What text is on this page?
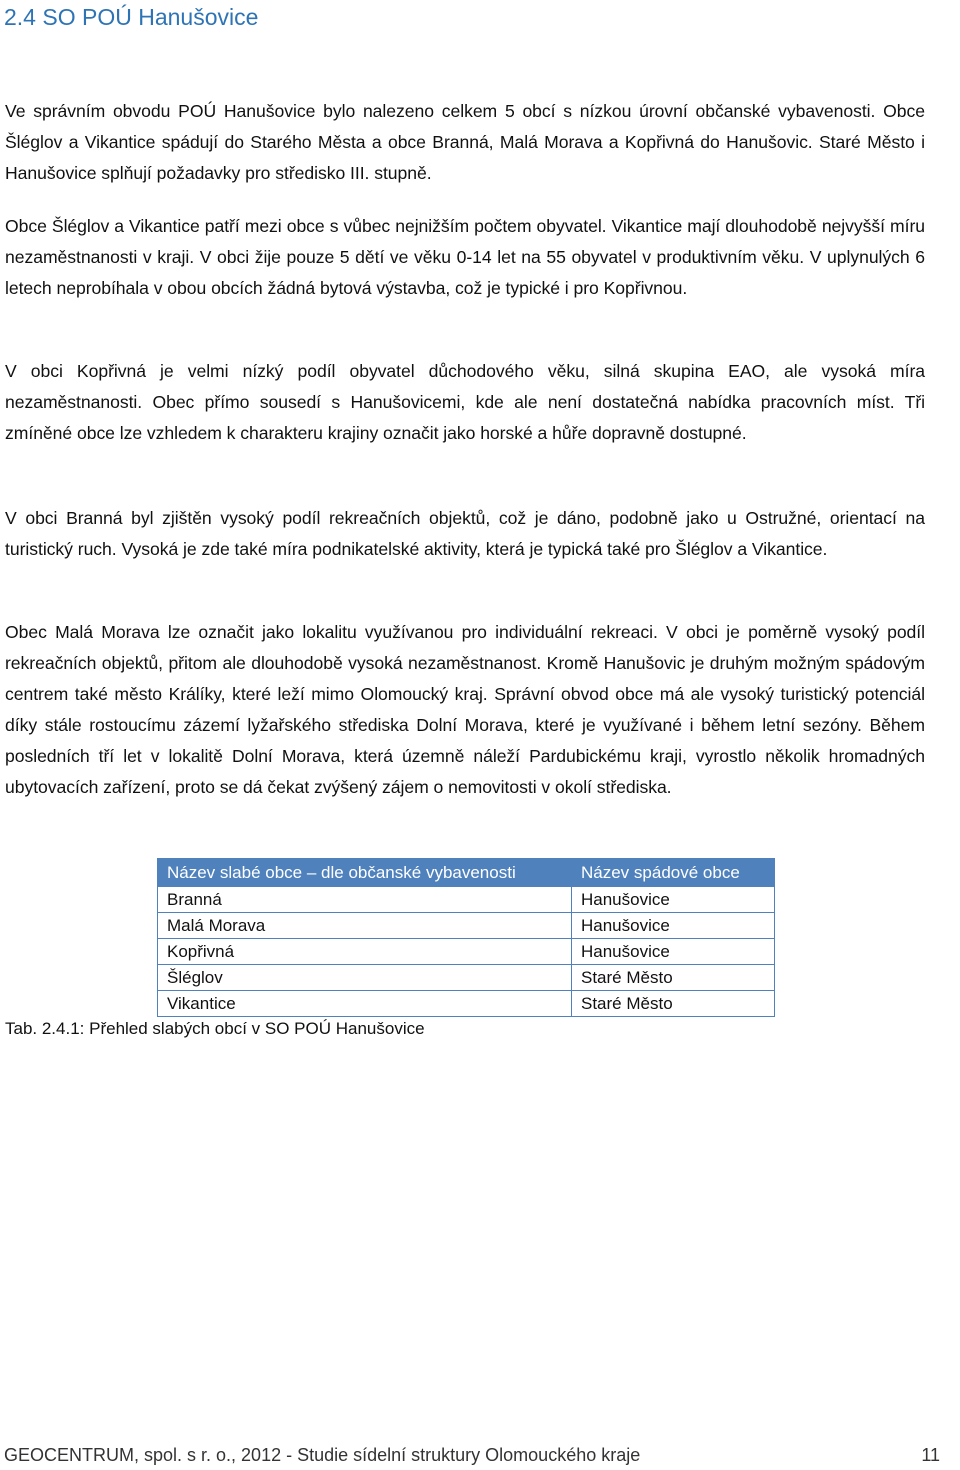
2.4 SO POÚ Hanušovice

Ve správním obvodu POÚ Hanušovice bylo nalezeno celkem 5 obcí s nízkou úrovní občanské vybavenosti. Obce Šléglov a Vikantice spádují do Starého Města a obce Branná, Malá Morava a Kopřivná do Hanušovic. Staré Město i Hanušovice splňují požadavky pro středisko III. stupně.

Obce Šléglov a Vikantice patří mezi obce s vůbec nejnižším počtem obyvatel. Vikantice mají dlouhodobě nejvyšší míru nezaměstnanosti v kraji. V obci žije pouze 5 dětí ve věku 0-14 let na 55 obyvatel v produktivním věku. V uplynulých 6 letech neprobíhala v obou obcích žádná bytová výstavba, což je typické i pro Kopřivnou.

V obci Kopřivná je velmi nízký podíl obyvatel důchodového věku, silná skupina EAO, ale vysoká míra nezaměstnanosti. Obec přímo sousedí s Hanušovicemi, kde ale není dostatečná nabídka pracovních míst. Tři zmíněné obce lze vzhledem k charakteru krajiny označit jako horské a hůře dopravně dostupné.

V obci Branná byl zjištěn vysoký podíl rekreačních objektů, což je dáno, podobně jako u Ostružné, orientací na turistický ruch. Vysoká je zde také míra podnikatelské aktivity, která je typická také pro Šléglov a Vikantice.

Obec Malá Morava lze označit jako lokalitu využívanou pro individuální rekreaci. V obci je poměrně vysoký podíl rekreačních objektů, přitom ale dlouhodobě vysoká nezaměstnanost. Kromě Hanušovic je druhým možným spádovým centrem také město Králíky, které leží mimo Olomoucký kraj. Správní obvod obce má ale vysoký turistický potenciál díky stále rostoucímu zázemí lyžařského střediska Dolní Morava, které je využívané i během letní sezóny. Během posledních tří let v lokalitě Dolní Morava, která územně náleží Pardubickému kraji, vyrostlo několik hromadných ubytovacích zařízení, proto se dá čekat zvýšený zájem o nemovitosti v okolí střediska.

Název slabé obce – dle občanské vybavenosti	Název spádové obce
Branná	Hanušovice
Malá Morava	Hanušovice
Kopřivná	Hanušovice
Šléglov	Staré Město
Vikantice	Staré Město

Tab. 2.4.1: Přehled slabých obcí v SO POÚ Hanušovice

GEOCENTRUM, spol. s r. o., 2012 - Studie sídelní struktury Olomouckého kraje	11
